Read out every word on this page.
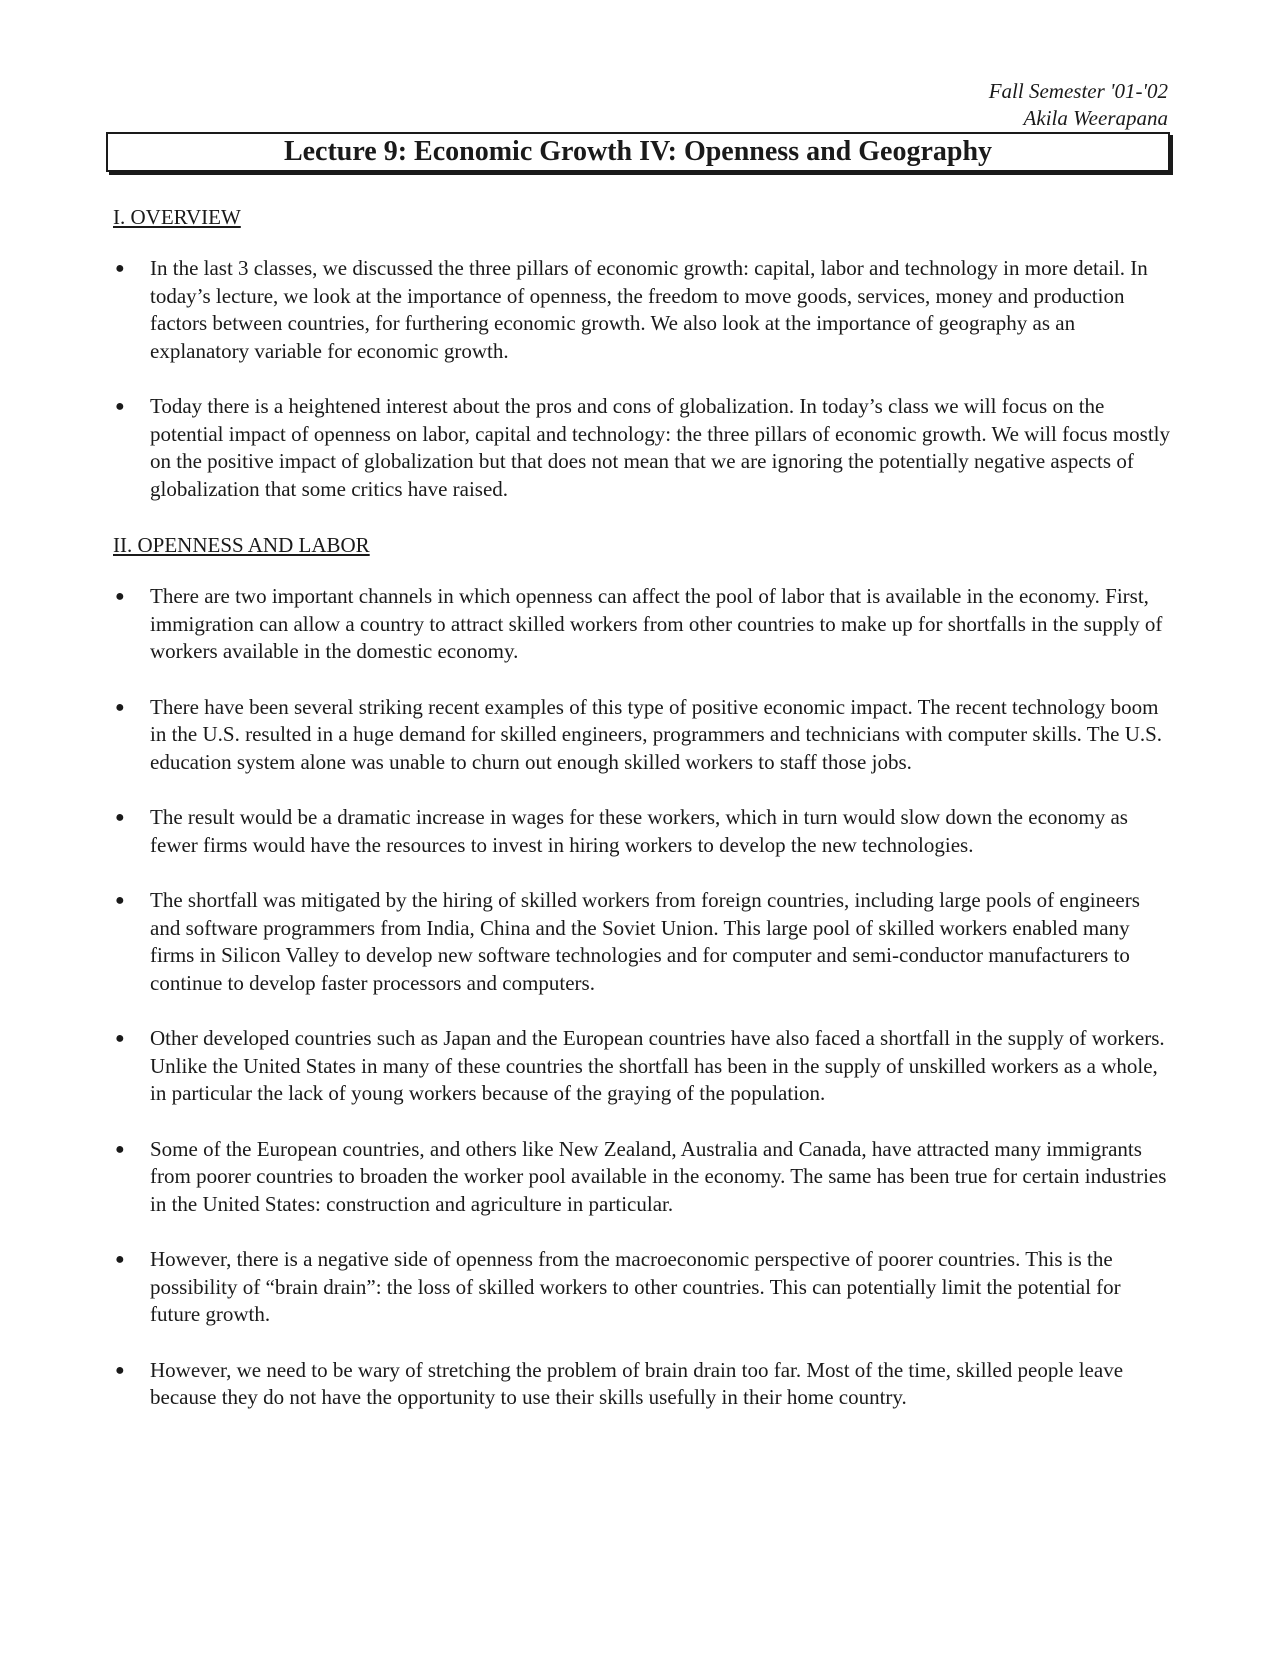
Fall Semester '01-'02
Akila Weerapana
Lecture 9: Economic Growth IV: Openness and Geography
I. OVERVIEW
● In the last 3 classes, we discussed the three pillars of economic growth: capital, labor and technology in more detail. In today’s lecture, we look at the importance of openness, the freedom to move goods, services, money and production factors between countries, for furthering economic growth. We also look at the importance of geography as an explanatory variable for economic growth.
● Today there is a heightened interest about the pros and cons of globalization. In today’s class we will focus on the potential impact of openness on labor, capital and technology: the three pillars of economic growth. We will focus mostly on the positive impact of globalization but that does not mean that we are ignoring the potentially negative aspects of globalization that some critics have raised.
II. OPENNESS AND LABOR
● There are two important channels in which openness can affect the pool of labor that is available in the economy. First, immigration can allow a country to attract skilled workers from other countries to make up for shortfalls in the supply of workers available in the domestic economy.
● There have been several striking recent examples of this type of positive economic impact. The recent technology boom in the U.S. resulted in a huge demand for skilled engineers, programmers and technicians with computer skills. The U.S. education system alone was unable to churn out enough skilled workers to staff those jobs.
● The result would be a dramatic increase in wages for these workers, which in turn would slow down the economy as fewer firms would have the resources to invest in hiring workers to develop the new technologies.
● The shortfall was mitigated by the hiring of skilled workers from foreign countries, including large pools of engineers and software programmers from India, China and the Soviet Union. This large pool of skilled workers enabled many firms in Silicon Valley to develop new software technologies and for computer and semi-conductor manufacturers to continue to develop faster processors and computers.
● Other developed countries such as Japan and the European countries have also faced a shortfall in the supply of workers. Unlike the United States in many of these countries the shortfall has been in the supply of unskilled workers as a whole, in particular the lack of young workers because of the graying of the population.
● Some of the European countries, and others like New Zealand, Australia and Canada, have attracted many immigrants from poorer countries to broaden the worker pool available in the economy. The same has been true for certain industries in the United States: construction and agriculture in particular.
● However, there is a negative side of openness from the macroeconomic perspective of poorer countries. This is the possibility of “brain drain”: the loss of skilled workers to other countries. This can potentially limit the potential for future growth.
● However, we need to be wary of stretching the problem of brain drain too far. Most of the time, skilled people leave because they do not have the opportunity to use their skills usefully in their home country.
